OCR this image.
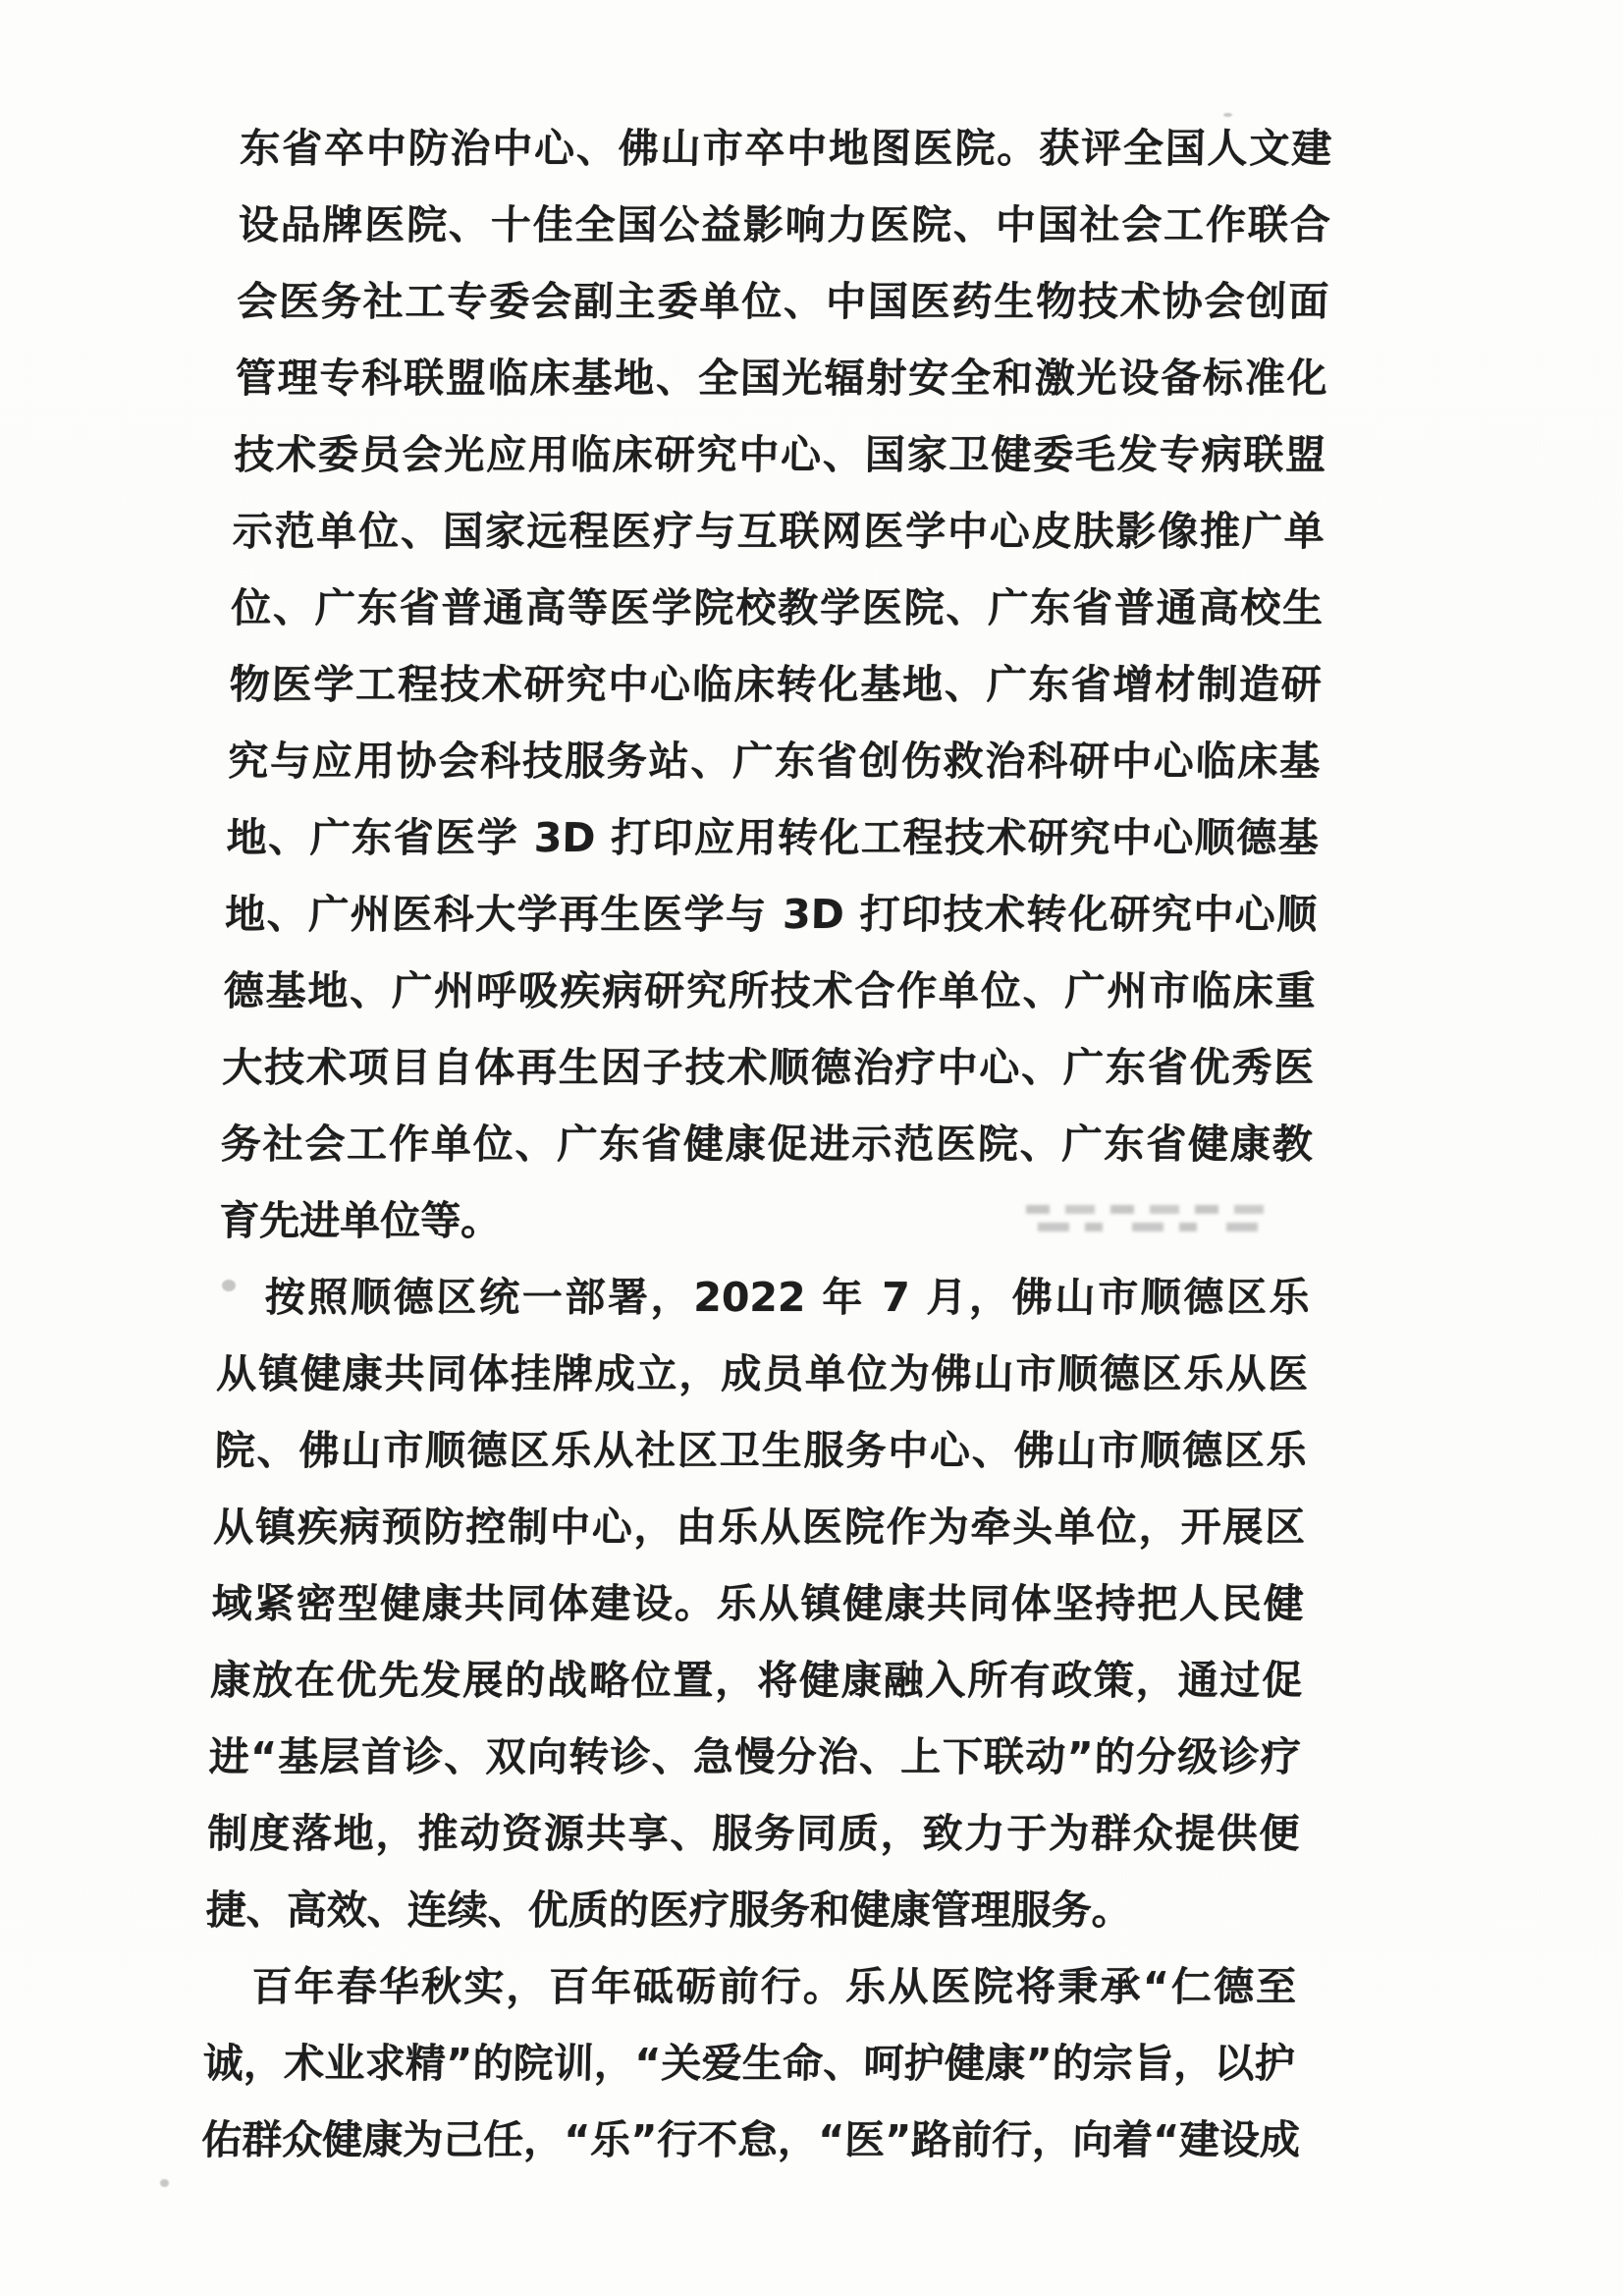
东省卒中防治中心、佛山市卒中地图医院。获评全国人文建
设品牌医院、十佳全国公益影响力医院、中国社会工作联合
会医务社工专委会副主委单位、中国医药生物技术协会创面
管理专科联盟临床基地、全国光辐射安全和激光设备标准化
技术委员会光应用临床研究中心、国家卫健委毛发专病联盟
示范单位、国家远程医疗与互联网医学中心皮肤影像推广单
位、广东省普通高等医学院校教学医院、广东省普通高校生
物医学工程技术研究中心临床转化基地、广东省增材制造研
究与应用协会科技服务站、广东省创伤救治科研中心临床基
地、广东省医学 3D 打印应用转化工程技术研究中心顺德基
地、广州医科大学再生医学与 3D 打印技术转化研究中心顺
德基地、广州呼吸疾病研究所技术合作单位、广州市临床重
大技术项目自体再生因子技术顺德治疗中心、广东省优秀医
务社会工作单位、广东省健康促进示范医院、广东省健康教
育先进单位等。
按照顺德区统一部署，2022 年 7 月，佛山市顺德区乐
从镇健康共同体挂牌成立，成员单位为佛山市顺德区乐从医
院、佛山市顺德区乐从社区卫生服务中心、佛山市顺德区乐
从镇疾病预防控制中心，由乐从医院作为牵头单位，开展区
域紧密型健康共同体建设。乐从镇健康共同体坚持把人民健
康放在优先发展的战略位置，将健康融入所有政策，通过促
进“基层首诊、双向转诊、急慢分治、上下联动”的分级诊疗
制度落地，推动资源共享、服务同质，致力于为群众提供便
捷、高效、连续、优质的医疗服务和健康管理服务。
百年春华秋实，百年砥砺前行。乐从医院将秉承“仁德至
诚，术业求精”的院训，“关爱生命、呵护健康”的宗旨，以护
佑群众健康为己任，“乐”行不怠，“医”路前行，向着“建设成
